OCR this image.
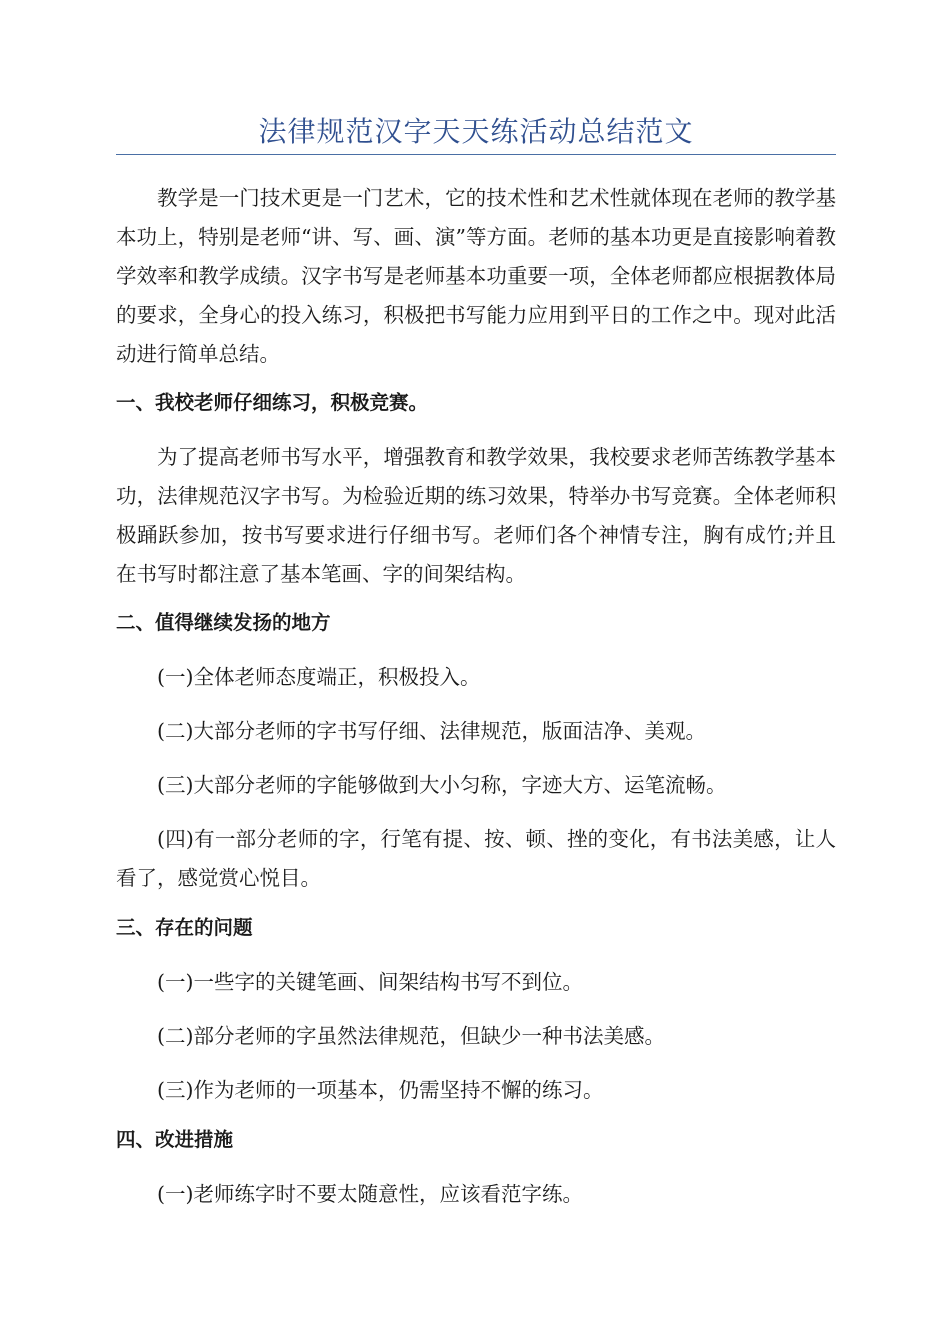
法律规范汉字天天练活动总结范文

教学是一门技术更是一门艺术，它的技术性和艺术性就体现在老师的教学基本功上，特别是老师“讲、写、画、演”等方面。老师的基本功更是直接影响着教学效率和教学成绩。汉字书写是老师基本功重要一项，全体老师都应根据教体局的要求，全身心的投入练习，积极把书写能力应用到平日的工作之中。现对此活动进行简单总结。

一、我校老师仔细练习，积极竞赛。

为了提高老师书写水平，增强教育和教学效果，我校要求老师苦练教学基本功，法律规范汉字书写。为检验近期的练习效果，特举办书写竞赛。全体老师积极踊跃参加，按书写要求进行仔细书写。老师们各个神情专注，胸有成竹;并且在书写时都注意了基本笔画、字的间架结构。

二、值得继续发扬的地方

(一)全体老师态度端正，积极投入。

(二)大部分老师的字书写仔细、法律规范，版面洁净、美观。

(三)大部分老师的字能够做到大小匀称，字迹大方、运笔流畅。

(四)有一部分老师的字，行笔有提、按、顿、挫的变化，有书法美感，让人看了，感觉赏心悦目。

三、存在的问题

(一)一些字的关键笔画、间架结构书写不到位。

(二)部分老师的字虽然法律规范，但缺少一种书法美感。

(三)作为老师的一项基本，仍需坚持不懈的练习。

四、改进措施

(一)老师练字时不要太随意性，应该看范字练。
